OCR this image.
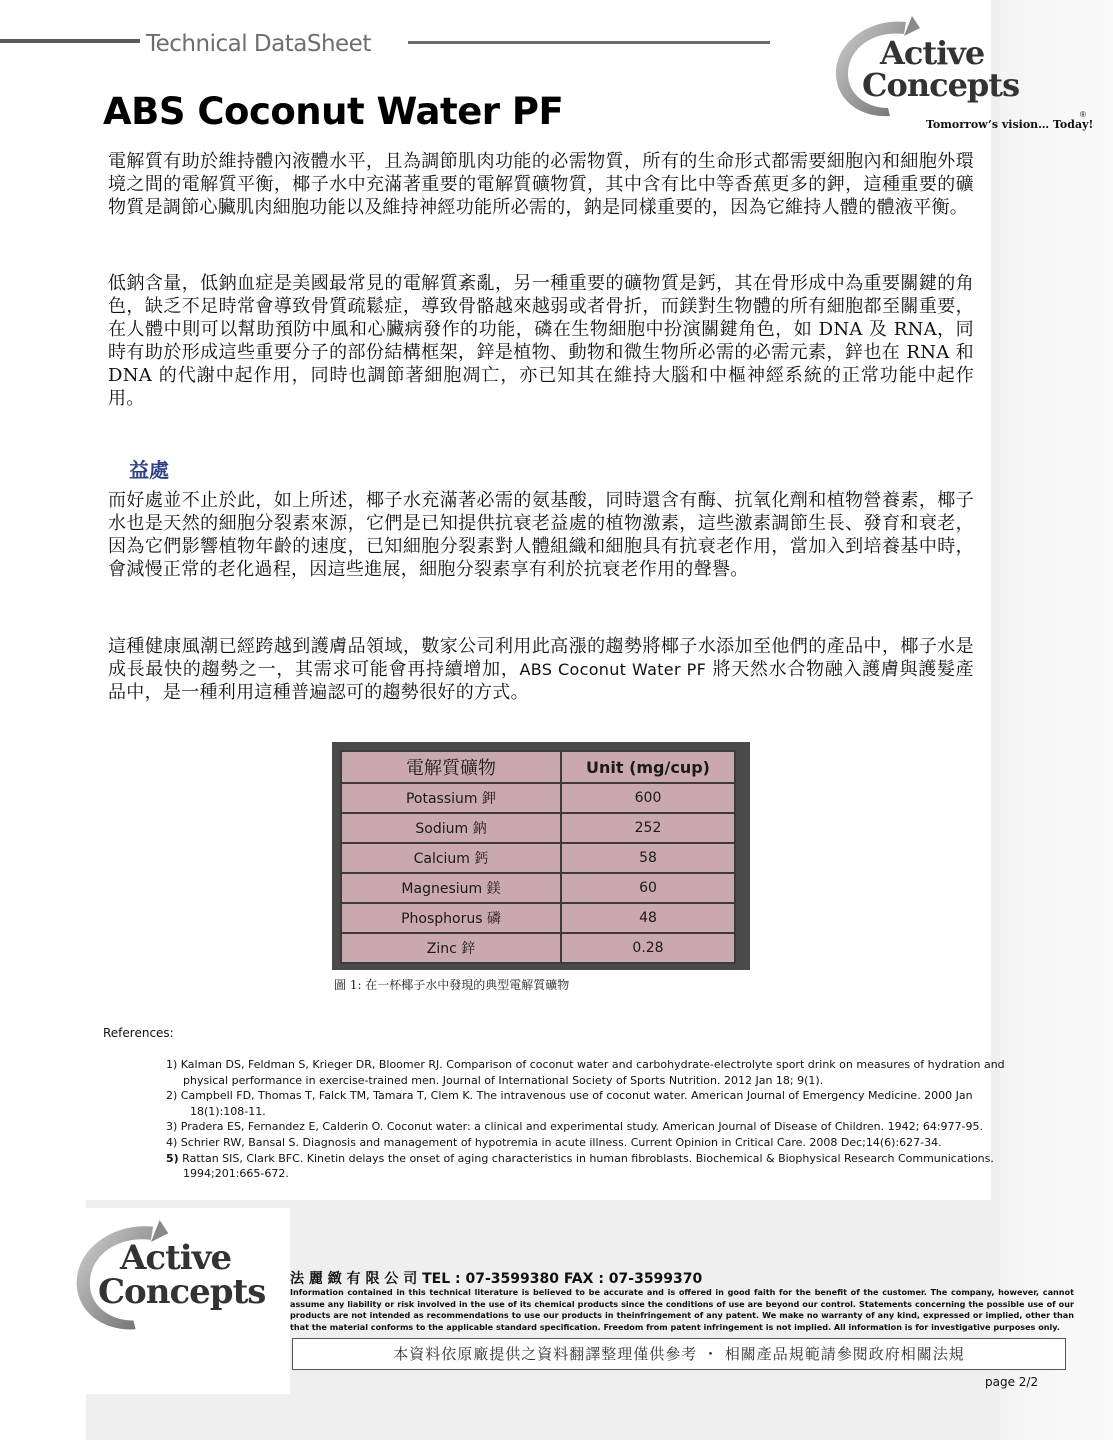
Technical DataSheet
ABS Coconut Water PF
Active
Concepts
Tomorrow’s vision… Today!
®
電解質有助於維持體內液體水平，且為調節肌肉功能的必需物質，所有的生命形式都需要細胞內和細胞外環境之間的電解質平衡，椰子水中充滿著重要的電解質礦物質，其中含有比中等香蕉更多的鉀，這種重要的礦物質是調節心臟肌肉細胞功能以及維持神經功能所必需的，鈉是同樣重要的，因為它維持人體的體液平衡。
低鈉含量，低鈉血症是美國最常見的電解質紊亂，另一種重要的礦物質是鈣，其在骨形成中為重要關鍵的角色，缺乏不足時常會導致骨質疏鬆症，導致骨骼越來越弱或者骨折，而鎂對生物體的所有細胞都至關重要，在人體中則可以幫助預防中風和心臟病發作的功能，磷在生物細胞中扮演關鍵角色，如 DNA 及 RNA，同時有助於形成這些重要分子的部份結構框架，鋅是植物、動物和微生物所必需的必需元素，鋅也在 RNA 和 DNA 的代謝中起作用，同時也調節著細胞凋亡，亦已知其在維持大腦和中樞神經系統的正常功能中起作用。
益處
而好處並不止於此，如上所述，椰子水充滿著必需的氨基酸，同時還含有酶、抗氧化劑和植物營養素，椰子水也是天然的細胞分裂素來源，它們是已知提供抗衰老益處的植物激素，這些激素調節生長、發育和衰老，因為它們影響植物年齡的速度，已知細胞分裂素對人體組織和細胞具有抗衰老作用，當加入到培養基中時，會減慢正常的老化過程，因這些進展，細胞分裂素享有利於抗衰老作用的聲譽。
這種健康風潮已經跨越到護膚品領域，數家公司利用此高漲的趨勢將椰子水添加至他們的產品中，椰子水是成長最快的趨勢之一，其需求可能會再持續增加，ABS Coconut Water PF 將天然水合物融入護膚與護髮產品中，是一種利用這種普遍認可的趨勢很好的方式。
電解質礦物	Unit (mg/cup)
Potassium 鉀	600
Sodium 鈉	252
Calcium 鈣	58
Magnesium 鎂	60
Phosphorus 磷	48
Zinc 鋅	0.28
圖 1: 在一杯椰子水中發現的典型電解質礦物
References:
1) Kalman DS, Feldman S, Krieger DR, Bloomer RJ. Comparison of coconut water and carbohydrate-electrolyte sport drink on measures of hydration and
physical performance in exercise-trained men. Journal of International Society of Sports Nutrition. 2012 Jan 18; 9(1).
2) Campbell FD, Thomas T, Falck TM, Tamara T, Clem K. The intravenous use of coconut water. American Journal of Emergency Medicine. 2000 Jan
18(1):108-11.
3) Pradera ES, Fernandez E, Calderin O. Coconut water: a clinical and experimental study. American Journal of Disease of Children. 1942; 64:977-95.
4) Schrier RW, Bansal S. Diagnosis and management of hypotremia in acute illness. Current Opinion in Critical Care. 2008 Dec;14(6):627-34.
5) Rattan SIS, Clark BFC. Kinetin delays the onset of aging characteristics in human fibroblasts. Biochemical & Biophysical Research Communications.
1994;201:665-672.
Active
Concepts 法 麗 緻 有 限 公 司 TEL : 07-3599380 FAX : 07-3599370
Information contained in this technical literature is believed to be accurate and is offered in good faith for the benefit of the customer. The company, however, cannot assume any liability or risk involved in the use of its chemical products since the conditions of use are beyond our control. Statements concerning the possible use of our products are not intended as recommendations to use our products in theinfringement of any patent. We make no warranty of any kind, expressed or implied, other than that the material conforms to the applicable standard specification. Freedom from patent infringement is not implied. All information is for investigative purposes only.
本資料依原廠提供之資料翻譯整理僅供參考 ・ 相關產品規範請參閱政府相關法規
page 2/2
